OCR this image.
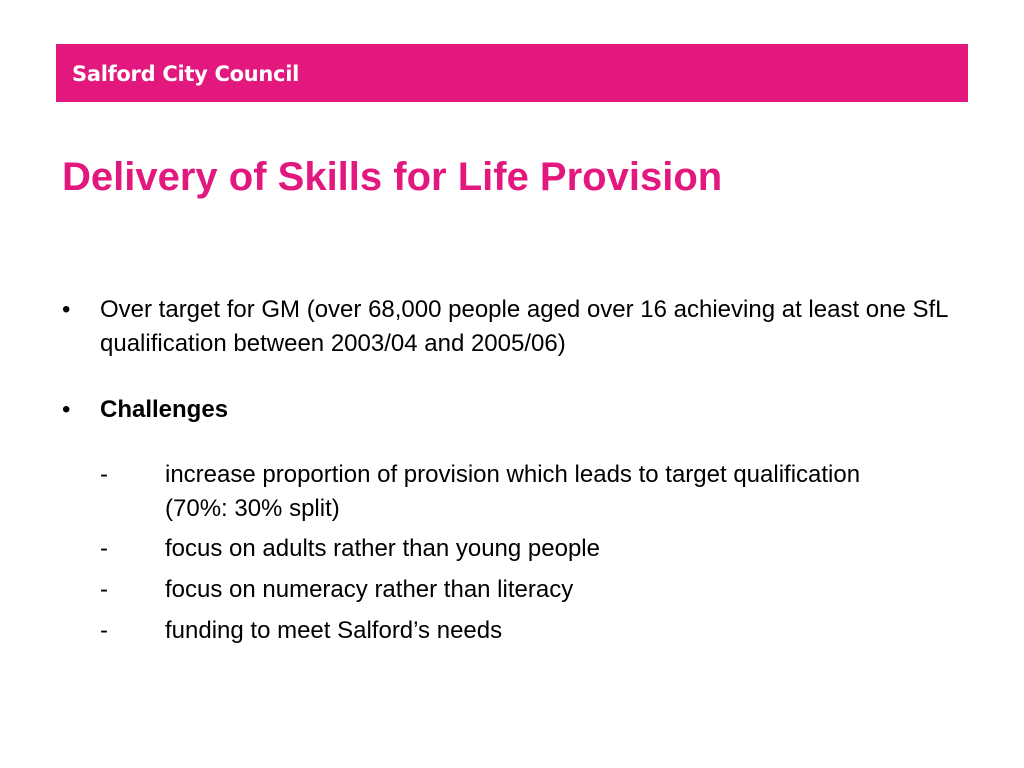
Salford City Council
Delivery of Skills for Life Provision
• Over target for GM (over 68,000 people aged over 16 achieving at least one SfL qualification between 2003/04 and 2005/06)
• Challenges
- increase proportion of provision which leads to target qualification (70%: 30% split)
- focus on adults rather than young people
- focus on numeracy rather than literacy
- funding to meet Salford’s needs
